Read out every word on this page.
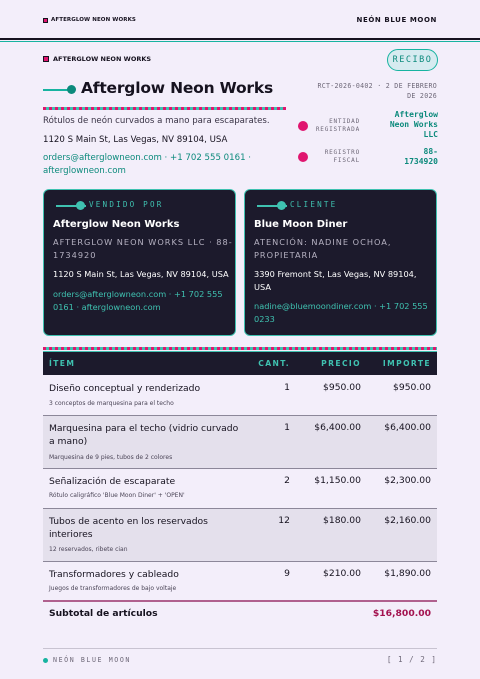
AFTERGLOW NEON WORKS	NEÓN BLUE MOON
AFTERGLOW NEON WORKS
Afterglow Neon Works
Rótulos de neón curvados a mano para escaparates.
1120 S Main St, Las Vegas, NV 89104, USA
orders@afterglowneon.com · +1 702 555 0161 ·
afterglowneon.com
RECIBO
RCT-2026-0402 · 2 DE FEBRERO
DE 2026
ENTIDAD
REGISTRADA
Afterglow Neon Works LLC
REGISTRO
FISCAL
88-
1734920
VENDIDO POR
Afterglow Neon Works
AFTERGLOW NEON WORKS LLC · 88-1734920
1120 S Main St, Las Vegas, NV 89104, USA
orders@afterglowneon.com · +1 702 555 0161 · afterglowneon.com
CLIENTE
Blue Moon Diner
ATENCIÓN: NADINE OCHOA, PROPIETARIA
3390 Fremont St, Las Vegas, NV 89104, USA
nadine@bluemoondiner.com · +1 702 555 0233
ÍTEM	CANT.	PRECIO	IMPORTE
Diseño conceptual y renderizado
3 conceptos de marquesina para el techo
1	$950.00	$950.00
Marquesina para el techo (vidrio curvado a mano)
Marquesina de 9 pies, tubos de 2 colores
1	$6,400.00	$6,400.00
Señalización de escaparate
Rótulo caligráfico 'Blue Moon Diner' + 'OPEN'
2	$1,150.00	$2,300.00
Tubos de acento en los reservados interiores
12 reservados, ribete cian
12	$180.00	$2,160.00
Transformadores y cableado
Juegos de transformadores de bajo voltaje
9	$210.00	$1,890.00
Subtotal de artículos	$16,800.00
NEÓN BLUE MOON	[ 1 / 2 ]
